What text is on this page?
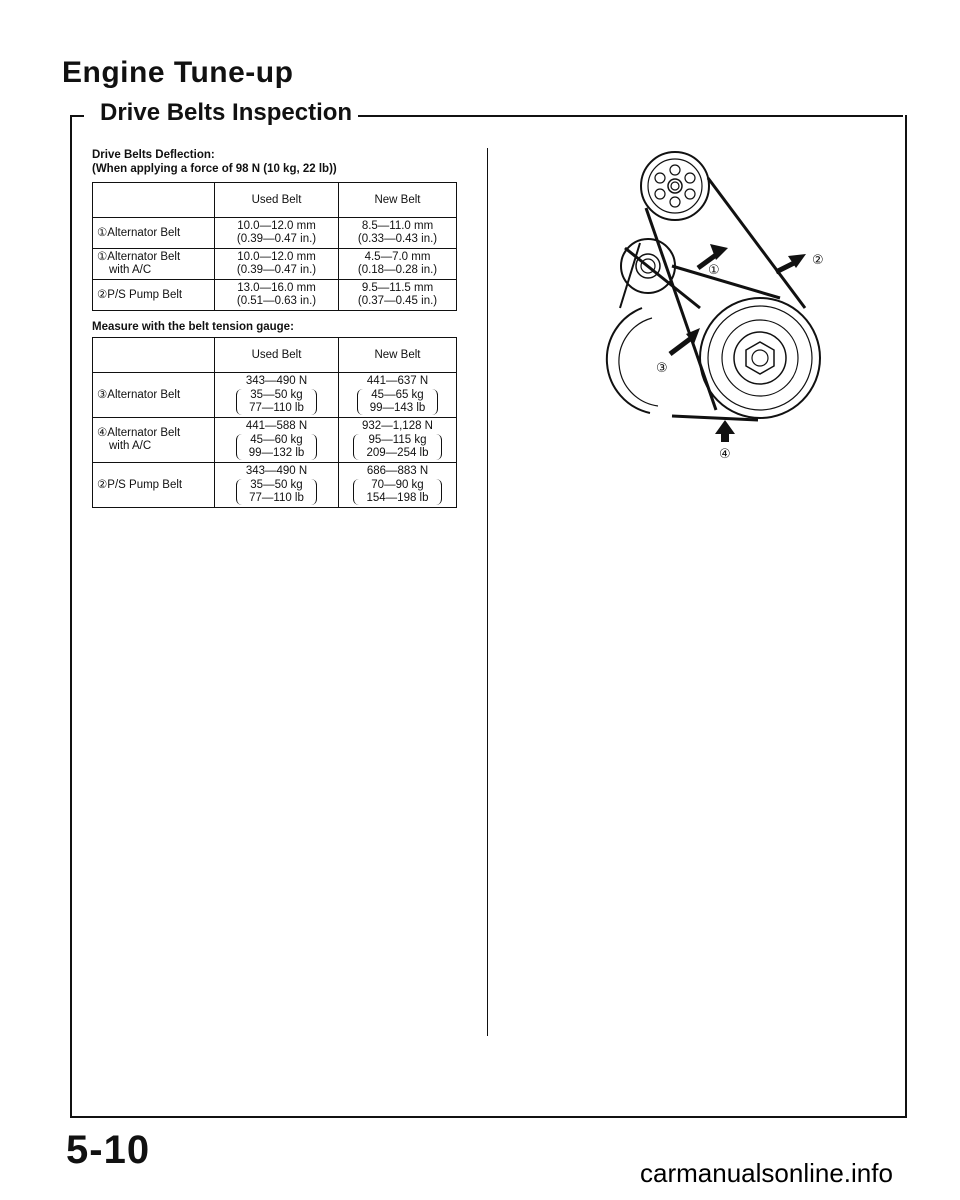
Engine Tune-up
Drive Belts Inspection
Drive Belts Deflection:
(When applying a force of 98 N (10 kg, 22 lb))
	Used Belt	New Belt
①Alternator Belt	10.0—12.0 mm
(0.39—0.47 in.)	8.5—11.0 mm
(0.33—0.43 in.)

①Alternator Belt
with A/C	10.0—12.0 mm
(0.39—0.47 in.)	4.5—7.0 mm
(0.18—0.28 in.)

②P/S Pump Belt	13.0—16.0 mm
(0.51—0.63 in.)	9.5—11.5 mm
(0.37—0.45 in.)
Measure with the belt tension gauge:
	Used Belt	New Belt
③Alternator Belt	343—490 N
35—50 kg
77—110 lb	441—637 N
45—65 kg
99—143 lb

④Alternator Belt
with A/C	441—588 N
45—60 kg
99—132 lb	932—1,128 N
95—115 kg
209—254 lb

②P/S Pump Belt	343—490 N
35—50 kg
77—110 lb	686—883 N
70—90 kg
154—198 lb
①
②
③
④
5-10
carmanualsonline.info
